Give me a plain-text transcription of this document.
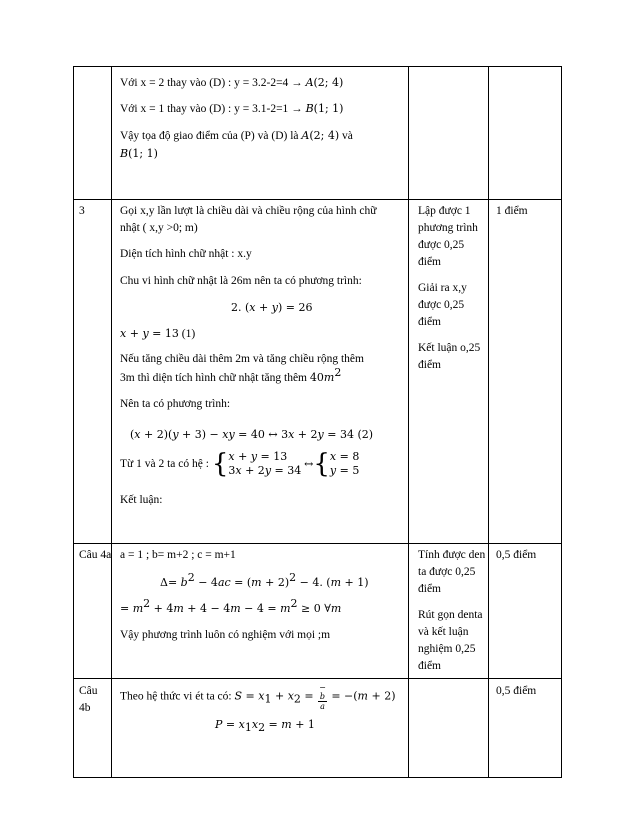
Với x = 2 thay vào (D) : y = 3.2-2=4 → A(2; 4)
Với x = 1 thay vào (D) : y = 3.1-2=1 → B(1; 1)
Vậy tọa độ giao điểm của (P) và (D) là A(2; 4) và
B(1; 1)
3	Gọi x,y lần lượt là chiều dài và chiều rộng của hình chữ
nhật ( x,y >0; m)
Diện tích hình chữ nhật : x.y
Chu vi hình chữ nhật là 26m nên ta có phương trình:
2. (x + y) = 26
x + y = 13 (1)
Nếu tăng chiều dài thêm 2m và tăng chiều rộng thêm
3m thì diện tích hình chữ nhật tăng thêm $40m^2$
Nên ta có phương trình:
(x + 2)(y + 3) − xy = 40 ↔ 3x + 2y = 34 (2)
Từ 1 và 2 ta có hệ : {x + y = 13
3x + 2y = 34 ↔{x = 8
y = 5
Kết luận:
Lập được 1 phương trình được 0,25 điểm
Giải ra x,y được 0,25 điểm
Kết luận o,25 điểm
1 điểm
Câu 4a a = 1 ; b= m+2 ; c = m+1
$\Delta= b^2 - 4ac = (m + 2)^2 - 4$. (m + 1)
= $m^2 + 4m + 4 - 4m - 4 = m^2 \ge 0$ ∀m
Vậy phương trình luôn có nghiệm với mọi ;m
Tính được den ta được 0,25 điểm
Rút gọn denta và kết luận nghiệm 0,25 điểm
0,5 điểm
Câu 4b
Theo hệ thức vi ét ta có: $S = x_1 + x_2$ = −
b
a = −(m + 2)
$P = x_1x_2 = m + 1$
0,5 điểm
